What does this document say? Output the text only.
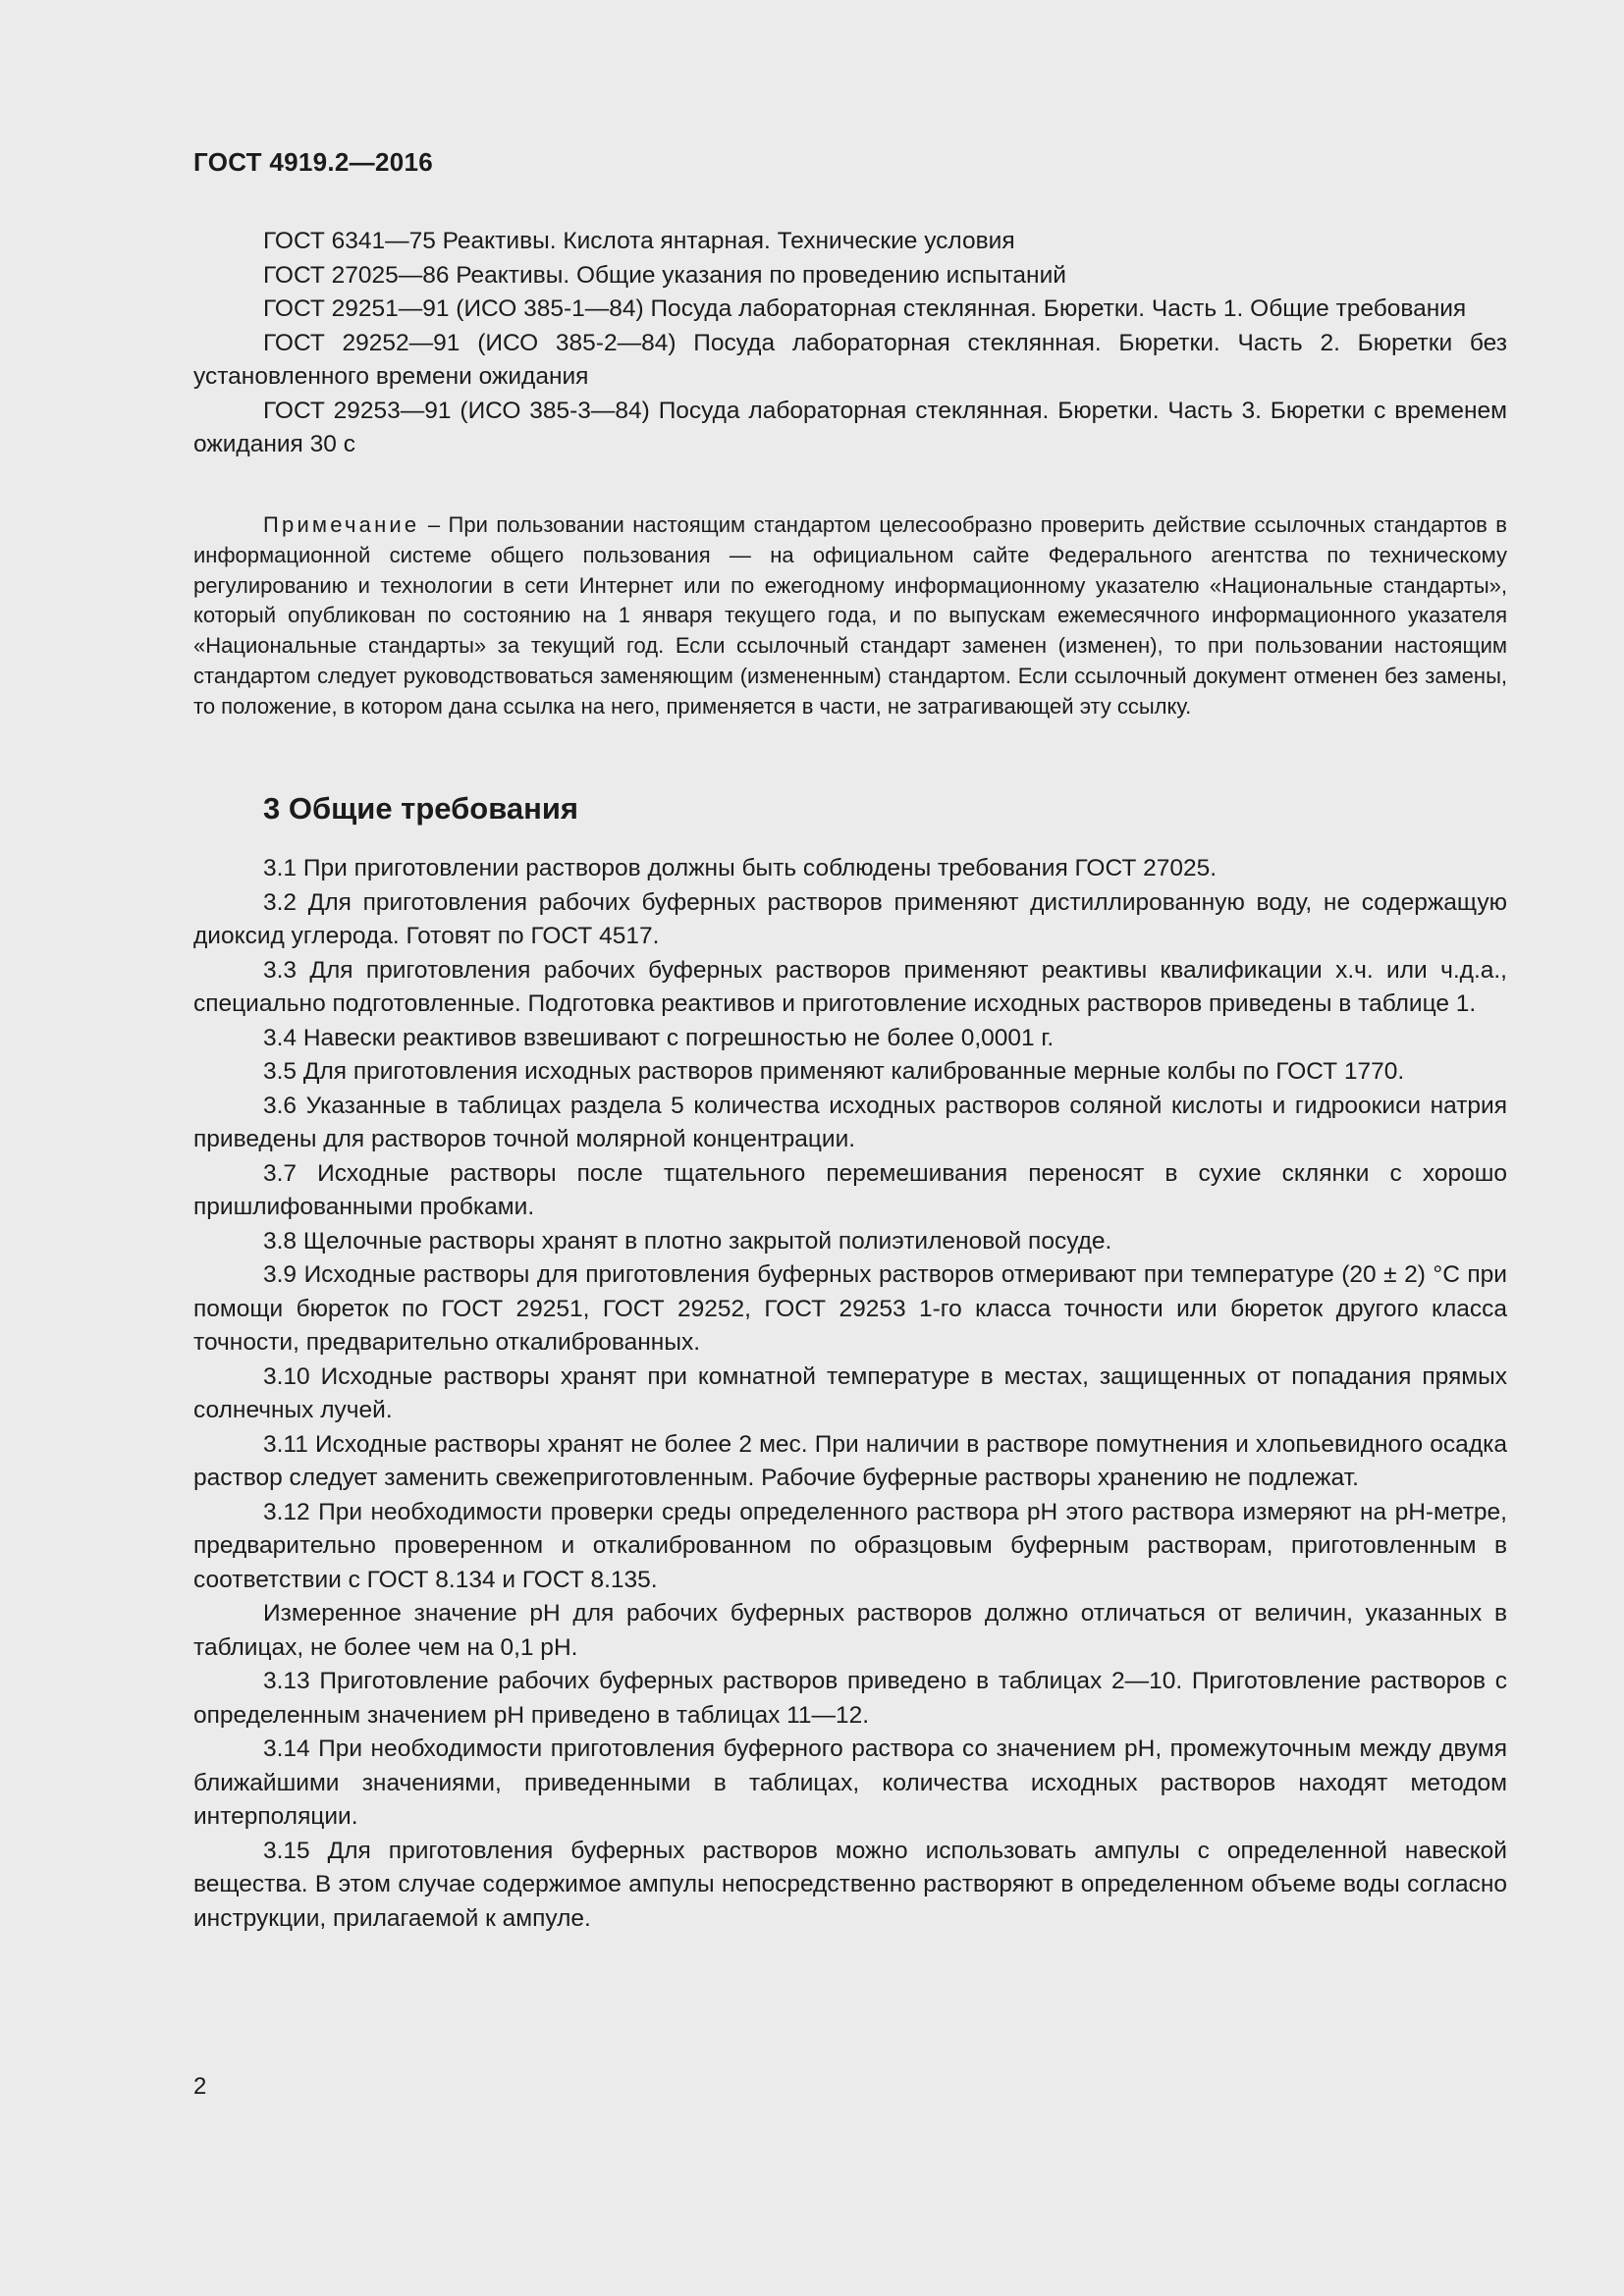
ГОСТ 4919.2—2016

ГОСТ 6341—75 Реактивы. Кислота янтарная. Технические условия

ГОСТ 27025—86 Реактивы. Общие указания по проведению испытаний

ГОСТ 29251—91 (ИСО 385-1—84) Посуда лабораторная стеклянная. Бюретки. Часть 1. Общие требования

ГОСТ 29252—91 (ИСО 385-2—84) Посуда лабораторная стеклянная. Бюретки. Часть 2. Бюретки без установленного времени ожидания

ГОСТ 29253—91 (ИСО 385-3—84) Посуда лабораторная стеклянная. Бюретки. Часть 3. Бюретки с временем ожидания 30 с

Примечание – При пользовании настоящим стандартом целесообразно проверить действие ссылочных стандартов в информационной системе общего пользования — на официальном сайте Федерального агентства по техническому регулированию и технологии в сети Интернет или по ежегодному информационному указателю «Национальные стандарты», который опубликован по состоянию на 1 января текущего года, и по выпускам ежемесячного информационного указателя «Национальные стандарты» за текущий год. Если ссылочный стандарт заменен (изменен), то при пользовании настоящим стандартом следует руководствоваться заменяющим (измененным) стандартом. Если ссылочный документ отменен без замены, то положение, в котором дана ссылка на него, применяется в части, не затрагивающей эту ссылку.

3 Общие требования

3.1 При приготовлении растворов должны быть соблюдены требования ГОСТ 27025.

3.2 Для приготовления рабочих буферных растворов применяют дистиллированную воду, не содержащую диоксид углерода. Готовят по ГОСТ 4517.

3.3 Для приготовления рабочих буферных растворов применяют реактивы квалификации х.ч. или ч.д.а., специально подготовленные. Подготовка реактивов и приготовление исходных растворов приведены в таблице 1.

3.4 Навески реактивов взвешивают с погрешностью не более 0,0001 г.

3.5 Для приготовления исходных растворов применяют калиброванные мерные колбы по ГОСТ 1770.

3.6 Указанные в таблицах раздела 5 количества исходных растворов соляной кислоты и гидроокиси натрия приведены для растворов точной молярной концентрации.

3.7 Исходные растворы после тщательного перемешивания переносят в сухие склянки с хорошо пришлифованными пробками.

3.8 Щелочные растворы хранят в плотно закрытой полиэтиленовой посуде.

3.9 Исходные растворы для приготовления буферных растворов отмеривают при температуре (20 ± 2) °С при помощи бюреток по ГОСТ 29251, ГОСТ 29252, ГОСТ 29253 1-го класса точности или бюреток другого класса точности, предварительно откалиброванных.

3.10 Исходные растворы хранят при комнатной температуре в местах, защищенных от попадания прямых солнечных лучей.

3.11 Исходные растворы хранят не более 2 мес. При наличии в растворе помутнения и хлопьевидного осадка раствор следует заменить свежеприготовленным. Рабочие буферные растворы хранению не подлежат.

3.12 При необходимости проверки среды определенного раствора рН этого раствора измеряют на рН-метре, предварительно проверенном и откалиброванном по образцовым буферным растворам, приготовленным в соответствии с ГОСТ 8.134 и ГОСТ 8.135.

Измеренное значение рН для рабочих буферных растворов должно отличаться от величин, указанных в таблицах, не более чем на 0,1 рН.

3.13 Приготовление рабочих буферных растворов приведено в таблицах 2—10. Приготовление растворов с определенным значением рН приведено в таблицах 11—12.

3.14 При необходимости приготовления буферного раствора со значением рН, промежуточным между двумя ближайшими значениями, приведенными в таблицах, количества исходных растворов находят методом интерполяции.

3.15 Для приготовления буферных растворов можно использовать ампулы с определенной навеской вещества. В этом случае содержимое ампулы непосредственно растворяют в определенном объеме воды согласно инструкции, прилагаемой к ампуле.

2
